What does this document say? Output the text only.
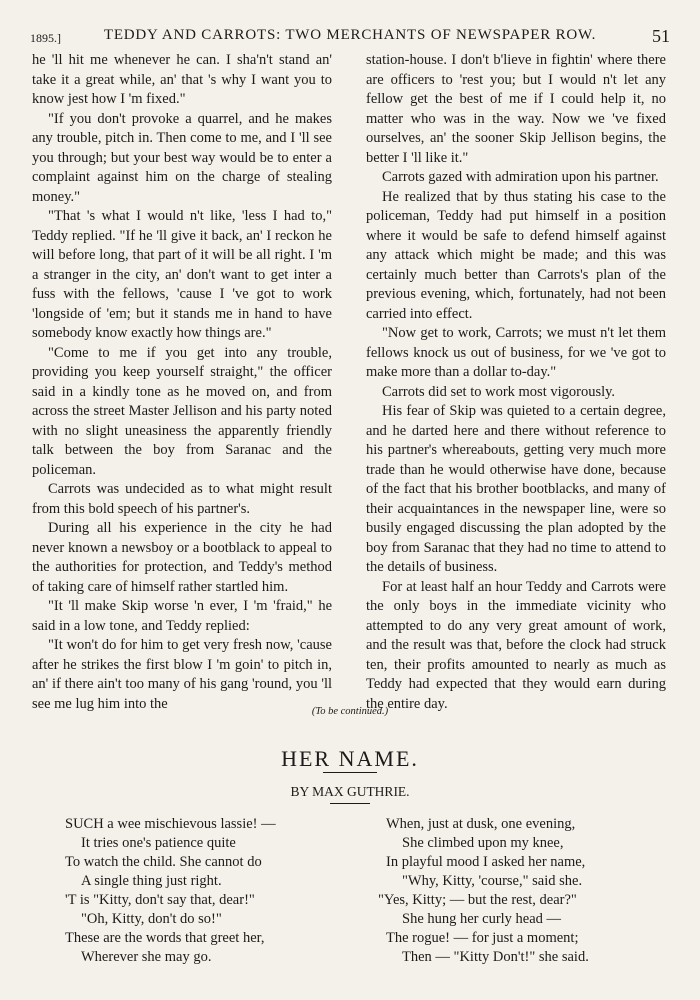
1895.]	TEDDY AND CARROTS: TWO MERCHANTS OF NEWSPAPER ROW.	51

he 'll hit me whenever he can. I sha'n't stand an' take it a great while, an' that 's why I want you to know jest how I 'm fixed."

"If you don't provoke a quarrel, and he makes any trouble, pitch in. Then come to me, and I 'll see you through; but your best way would be to enter a complaint against him on the charge of stealing money."

"That 's what I would n't like, 'less I had to," Teddy replied. "If he 'll give it back, an' I reckon he will before long, that part of it will be all right. I 'm a stranger in the city, an' don't want to get inter a fuss with the fellows, 'cause I 've got to work 'longside of 'em; but it stands me in hand to have somebody know exactly how things are."

"Come to me if you get into any trouble, providing you keep yourself straight," the officer said in a kindly tone as he moved on, and from across the street Master Jellison and his party noted with no slight uneasiness the apparently friendly talk between the boy from Saranac and the policeman.

Carrots was undecided as to what might result from this bold speech of his partner's.

During all his experience in the city he had never known a newsboy or a bootblack to appeal to the authorities for protection, and Teddy's method of taking care of himself rather startled him.

"It 'll make Skip worse 'n ever, I 'm 'fraid," he said in a low tone, and Teddy replied:

"It won't do for him to get very fresh now, 'cause after he strikes the first blow I 'm goin' to pitch in, an' if there ain't too many of his gang 'round, you 'll see me lug him into the

station-house. I don't b'lieve in fightin' where there are officers to 'rest you; but I would n't let any fellow get the best of me if I could help it, no matter who was in the way. Now we 've fixed ourselves, an' the sooner Skip Jellison begins, the better I 'll like it."

Carrots gazed with admiration upon his partner.

He realized that by thus stating his case to the policeman, Teddy had put himself in a position where it would be safe to defend himself against any attack which might be made; and this was certainly much better than Carrots's plan of the previous evening, which, fortunately, had not been carried into effect.

"Now get to work, Carrots; we must n't let them fellows knock us out of business, for we 've got to make more than a dollar to-day."

Carrots did set to work most vigorously.

His fear of Skip was quieted to a certain degree, and he darted here and there without reference to his partner's whereabouts, getting very much more trade than he would otherwise have done, because of the fact that his brother bootblacks, and many of their acquaintances in the newspaper line, were so busily engaged discussing the plan adopted by the boy from Saranac that they had no time to attend to the details of business.

For at least half an hour Teddy and Carrots were the only boys in the immediate vicinity who attempted to do any very great amount of work, and the result was that, before the clock had struck ten, their profits amounted to nearly as much as Teddy had expected that they would earn during the entire day.

(To be continued.)
HER NAME.
BY MAX GUTHRIE.
SUCH a wee mischievous lassie! —
It tries one's patience quite
To watch the child. She cannot do
A single thing just right.
'T is "Kitty, don't say that, dear!"
"Oh, Kitty, don't do so!"
These are the words that greet her,
Wherever she may go.
When, just at dusk, one evening,
She climbed upon my knee,
In playful mood I asked her name,
"Why, Kitty, 'course," said she.
"Yes, Kitty; — but the rest, dear?"
She hung her curly head —
The rogue! — for just a moment;
Then — "Kitty Don't!" she said.
